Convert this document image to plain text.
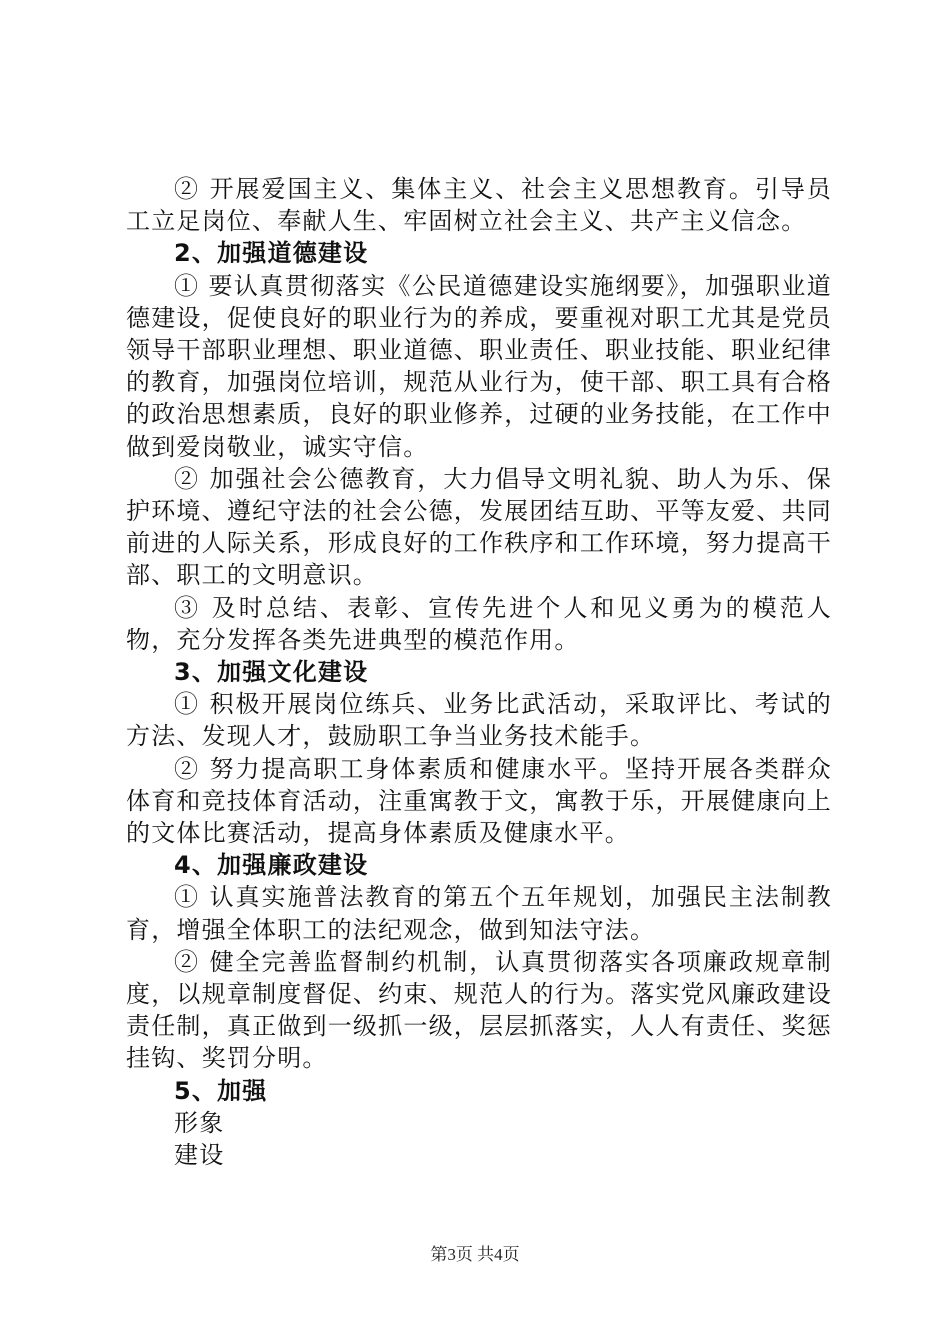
② 开展爱国主义、集体主义、社会主义思想教育。引导员工立足岗位、奉献人生、牢固树立社会主义、共产主义信念。

2、加强道德建设

① 要认真贯彻落实《公民道德建设实施纲要》，加强职业道德建设，促使良好的职业行为的养成，要重视对职工尤其是党员领导干部职业理想、职业道德、职业责任、职业技能、职业纪律的教育，加强岗位培训，规范从业行为，使干部、职工具有合格的政治思想素质，良好的职业修养，过硬的业务技能，在工作中做到爱岗敬业，诚实守信。

② 加强社会公德教育，大力倡导文明礼貌、助人为乐、保护环境、遵纪守法的社会公德，发展团结互助、平等友爱、共同前进的人际关系，形成良好的工作秩序和工作环境，努力提高干部、职工的文明意识。

③ 及时总结、表彰、宣传先进个人和见义勇为的模范人物，充分发挥各类先进典型的模范作用。

3、加强文化建设

① 积极开展岗位练兵、业务比武活动，采取评比、考试的方法、发现人才，鼓励职工争当业务技术能手。

② 努力提高职工身体素质和健康水平。坚持开展各类群众体育和竞技体育活动，注重寓教于文，寓教于乐，开展健康向上的文体比赛活动，提高身体素质及健康水平。

4、加强廉政建设

① 认真实施普法教育的第五个五年规划，加强民主法制教育，增强全体职工的法纪观念，做到知法守法。

② 健全完善监督制约机制，认真贯彻落实各项廉政规章制度，以规章制度督促、约束、规范人的行为。落实党风廉政建设责任制，真正做到一级抓一级，层层抓落实，人人有责任、奖惩挂钩、奖罚分明。

5、加强

形象

建设

第3页 共4页
